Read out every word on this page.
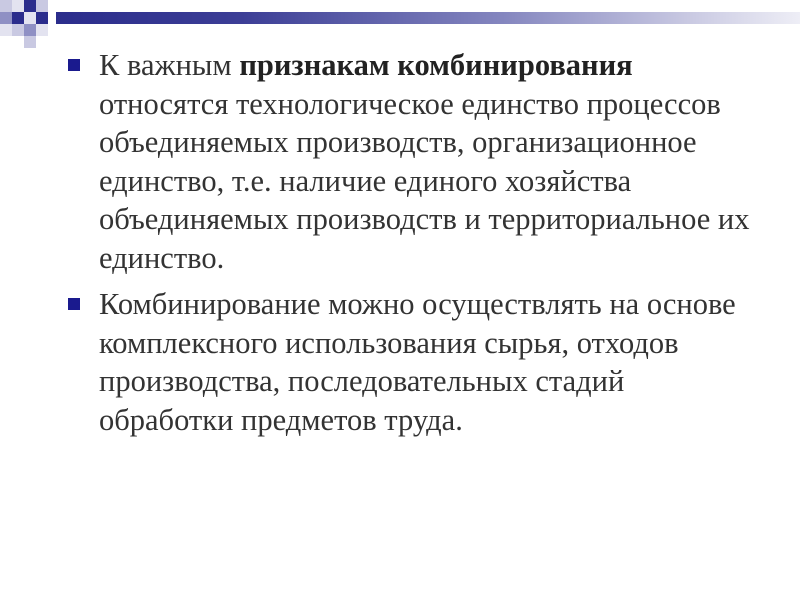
К важным признакам комбинирования относятся технологическое единство процессов объединяемых производств, организационное единство, т.е. наличие единого хозяйства объединяемых производств и территориальное их единство.
Комбинирование можно осуществлять на основе комплексного использования сырья, отходов производства, последовательных стадий обработки предметов труда.
